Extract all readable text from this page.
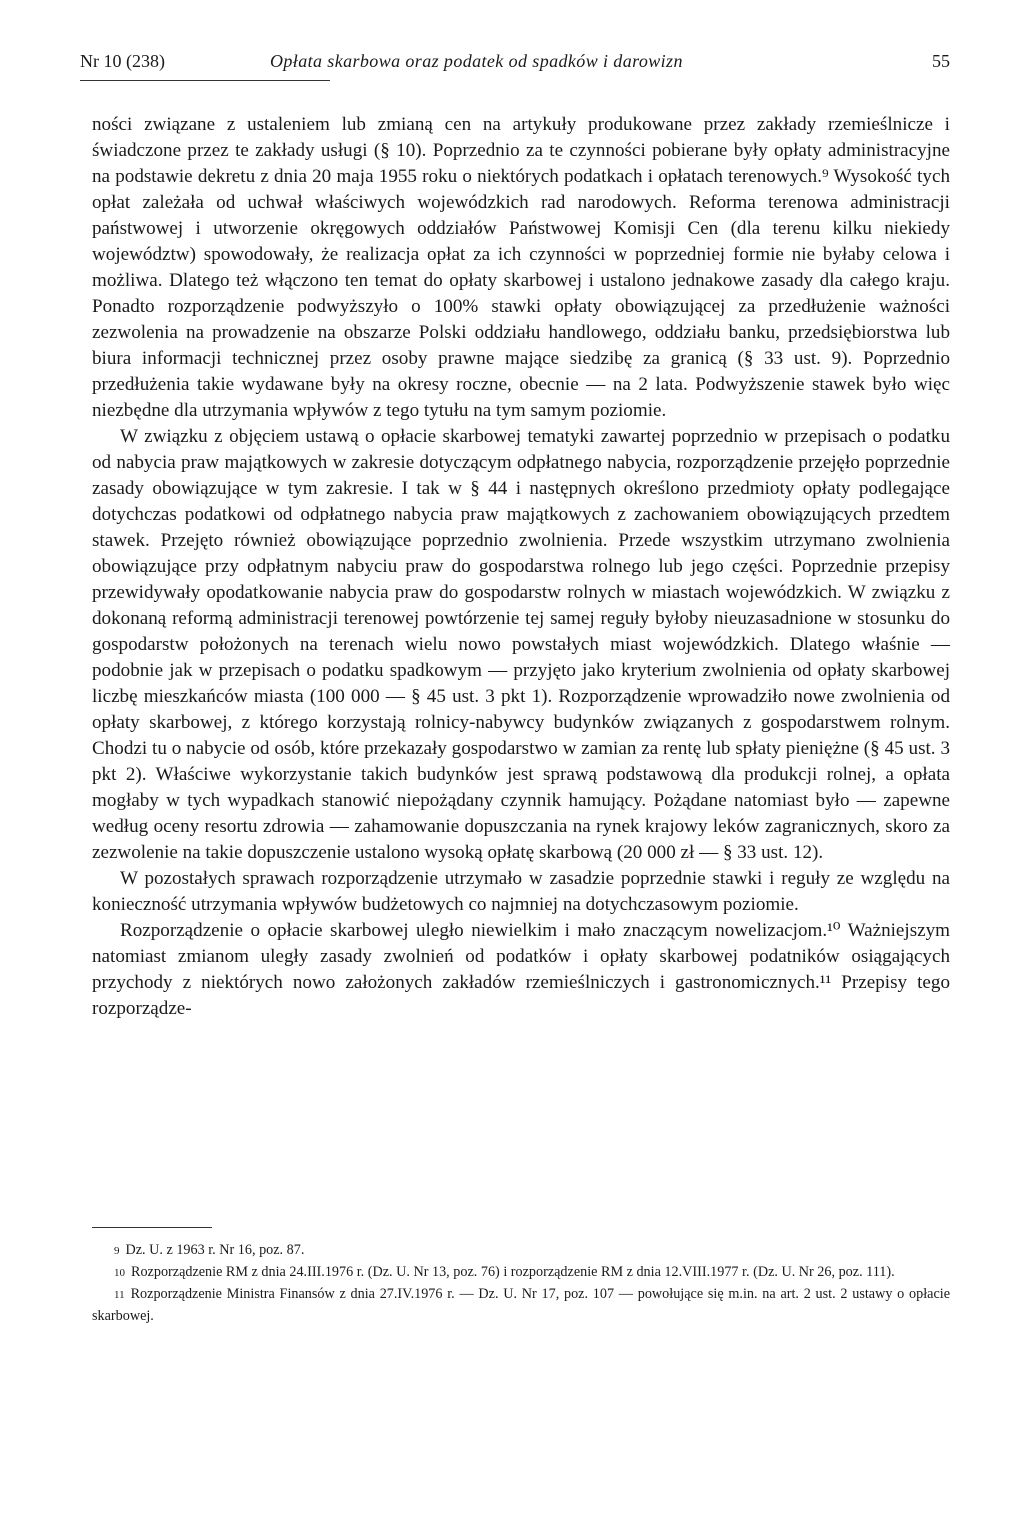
Nr 10 (238)	Opłata skarbowa oraz podatek od spadków i darowizn	55

ności związane z ustaleniem lub zmianą cen na artykuły produkowane przez zakłady rzemieślnicze i świadczone przez te zakłady usługi (§ 10). Poprzednio za te czynności pobierane były opłaty administracyjne na podstawie dekretu z dnia 20 maja 1955 roku o niektórych podatkach i opłatach terenowych.⁹ Wysokość tych opłat zależała od uchwał właściwych wojewódzkich rad narodowych. Reforma terenowa administracji państwowej i utworzenie okręgowych oddziałów Państwowej Komisji Cen (dla terenu kilku niekiedy województw) spowodowały, że realizacja opłat za ich czynności w poprzedniej formie nie byłaby celowa i możliwa. Dlatego też włączono ten temat do opłaty skarbowej i ustalono jednakowe zasady dla całego kraju. Ponadto rozporządzenie podwyższyło o 100% stawki opłaty obowiązującej za przedłużenie ważności zezwolenia na prowadzenie na obszarze Polski oddziału handlowego, oddziału banku, przedsiębiorstwa lub biura informacji technicznej przez osoby prawne mające siedzibę za granicą (§ 33 ust. 9). Poprzednio przedłużenia takie wydawane były na okresy roczne, obecnie — na 2 lata. Podwyższenie stawek było więc niezbędne dla utrzymania wpływów z tego tytułu na tym samym poziomie.

W związku z objęciem ustawą o opłacie skarbowej tematyki zawartej poprzednio w przepisach o podatku od nabycia praw majątkowych w zakresie dotyczącym odpłatnego nabycia, rozporządzenie przejęło poprzednie zasady obowiązujące w tym zakresie. I tak w § 44 i następnych określono przedmioty opłaty podlegające dotychczas podatkowi od odpłatnego nabycia praw majątkowych z zachowaniem obowiązujących przedtem stawek. Przejęto również obowiązujące poprzednio zwolnienia. Przede wszystkim utrzymano zwolnienia obowiązujące przy odpłatnym nabyciu praw do gospodarstwa rolnego lub jego części. Poprzednie przepisy przewidywały opodatkowanie nabycia praw do gospodarstw rolnych w miastach wojewódzkich. W związku z dokonaną reformą administracji terenowej powtórzenie tej samej reguły byłoby nieuzasadnione w stosunku do gospodarstw położonych na terenach wielu nowo powstałych miast wojewódzkich. Dlatego właśnie — podobnie jak w przepisach o podatku spadkowym — przyjęto jako kryterium zwolnienia od opłaty skarbowej liczbę mieszkańców miasta (100 000 — § 45 ust. 3 pkt 1). Rozporządzenie wprowadziło nowe zwolnienia od opłaty skarbowej, z którego korzystają rolnicy-nabywcy budynków związanych z gospodarstwem rolnym. Chodzi tu o nabycie od osób, które przekazały gospodarstwo w zamian za rentę lub spłaty pieniężne (§ 45 ust. 3 pkt 2). Właściwe wykorzystanie takich budynków jest sprawą podstawową dla produkcji rolnej, a opłata mogłaby w tych wypadkach stanowić niepożądany czynnik hamujący. Pożądane natomiast było — zapewne według oceny resortu zdrowia — zahamowanie dopuszczania na rynek krajowy leków zagranicznych, skoro za zezwolenie na takie dopuszczenie ustalono wysoką opłatę skarbową (20 000 zł — § 33 ust. 12).

W pozostałych sprawach rozporządzenie utrzymało w zasadzie poprzednie stawki i reguły ze względu na konieczność utrzymania wpływów budżetowych co najmniej na dotychczasowym poziomie.

Rozporządzenie o opłacie skarbowej uległo niewielkim i mało znaczącym nowelizacjom.¹⁰ Ważniejszym natomiast zmianom uległy zasady zwolnień od podatków i opłaty skarbowej podatników osiągających przychody z niektórych nowo założonych zakładów rzemieślniczych i gastronomicznych.¹¹ Przepisy tego rozporządze-

9 Dz. U. z 1963 r. Nr 16, poz. 87.

10 Rozporządzenie RM z dnia 24.III.1976 r. (Dz. U. Nr 13, poz. 76) i rozporządzenie RM z dnia 12.VIII.1977 r. (Dz. U. Nr 26, poz. 111).

11 Rozporządzenie Ministra Finansów z dnia 27.IV.1976 r. — Dz. U. Nr 17, poz. 107 — powołujące się m.in. na art. 2 ust. 2 ustawy o opłacie skarbowej.
